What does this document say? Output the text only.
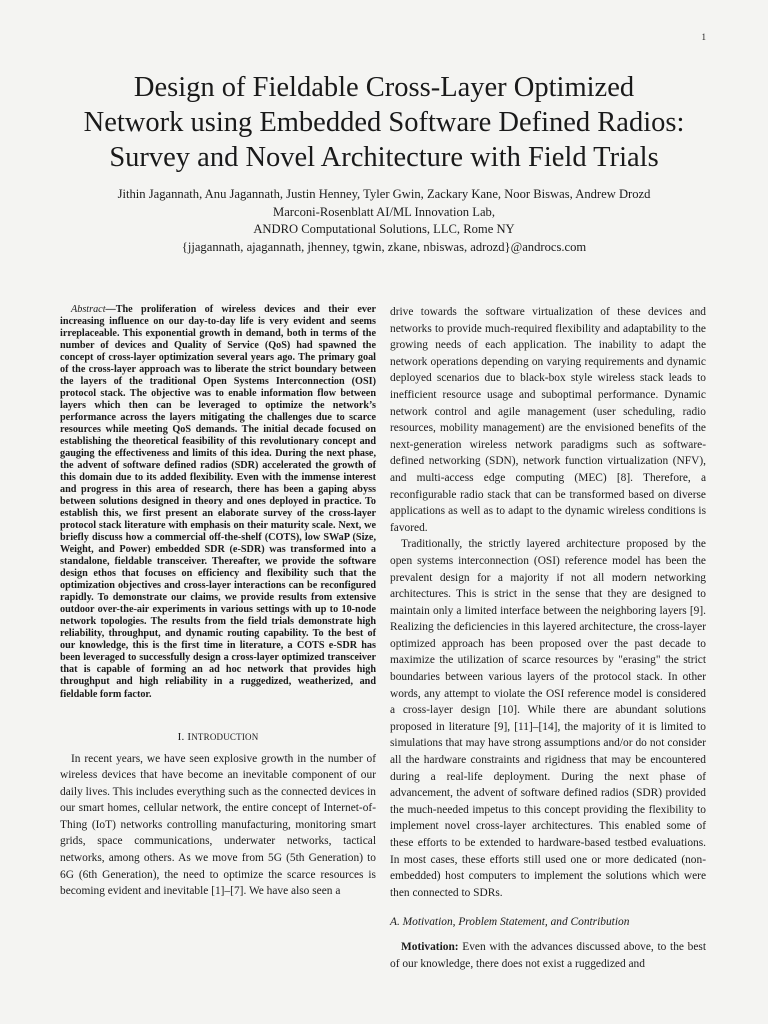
1
Design of Fieldable Cross-Layer Optimized
Network using Embedded Software Defined Radios:
Survey and Novel Architecture with Field Trials
Jithin Jagannath, Anu Jagannath, Justin Henney, Tyler Gwin, Zackary Kane, Noor Biswas, Andrew Drozd
Marconi-Rosenblatt AI/ML Innovation Lab,
ANDRO Computational Solutions, LLC, Rome NY
{jjagannath, ajagannath, jhenney, tgwin, zkane, nbiswas, adrozd}@androcs.com

Abstract—The proliferation of wireless devices and their ever increasing influence on our day-to-day life is very evident and seems irreplaceable. This exponential growth in demand, both in terms of the number of devices and Quality of Service (QoS) had spawned the concept of cross-layer optimization several years ago. The primary goal of the cross-layer approach was to liberate the strict boundary between the layers of the traditional Open Systems Interconnection (OSI) protocol stack. The objective was to enable information flow between layers which then can be leveraged to optimize the network’s performance across the layers mitigating the challenges due to scarce resources while meeting QoS demands. The initial decade focused on establishing the theoretical feasibility of this revolutionary concept and gauging the effectiveness and limits of this idea. During the next phase, the advent of software defined radios (SDR) accelerated the growth of this domain due to its added flexibility. Even with the immense interest and progress in this area of research, there has been a gaping abyss between solutions designed in theory and ones deployed in practice. To establish this, we first present an elaborate survey of the cross-layer protocol stack literature with emphasis on their maturity scale. Next, we briefly discuss how a commercial off-the-shelf (COTS), low SWaP (Size, Weight, and Power) embedded SDR (e-SDR) was transformed into a standalone, fieldable transceiver. Thereafter, we provide the software design ethos that focuses on efficiency and flexibility such that the optimization objectives and cross-layer interactions can be reconfigured rapidly. To demonstrate our claims, we provide results from extensive outdoor over-the-air experiments in various settings with up to 10-node network topologies. The results from the field trials demonstrate high reliability, throughput, and dynamic routing capability. To the best of our knowledge, this is the first time in literature, a COTS e-SDR has been leveraged to successfully design a cross-layer optimized transceiver that is capable of forming an ad hoc network that provides high throughput and high reliability in a ruggedized, weatherized, and fieldable form factor.

I. INTRODUCTION

In recent years, we have seen explosive growth in the number of wireless devices that have become an inevitable component of our daily lives. This includes everything such as the connected devices in our smart homes, cellular network, the entire concept of Internet-of-Thing (IoT) networks controlling manufacturing, monitoring smart grids, space communications, underwater networks, tactical networks, among others. As we move from 5G (5th Generation) to 6G (6th Generation), the need to optimize the scarce resources is becoming evident and inevitable [1]–[7]. We have also seen a

drive towards the software virtualization of these devices and networks to provide much-required flexibility and adaptability to the growing needs of each application. The inability to adapt the network operations depending on varying requirements and dynamic deployed scenarios due to black-box style wireless stack leads to inefficient resource usage and suboptimal performance. Dynamic network control and agile management (user scheduling, radio resources, mobility management) are the envisioned benefits of the next-generation wireless network paradigms such as software-defined networking (SDN), network function virtualization (NFV), and multi-access edge computing (MEC) [8]. Therefore, a reconfigurable radio stack that can be transformed based on diverse applications as well as to adapt to the dynamic wireless conditions is favored.

Traditionally, the strictly layered architecture proposed by the open systems interconnection (OSI) reference model has been the prevalent design for a majority if not all modern networking architectures. This is strict in the sense that they are designed to maintain only a limited interface between the neighboring layers [9]. Realizing the deficiencies in this layered architecture, the cross-layer optimized approach has been proposed over the past decade to maximize the utilization of scarce resources by "erasing" the strict boundaries between various layers of the protocol stack. In other words, any attempt to violate the OSI reference model is considered a cross-layer design [10]. While there are abundant solutions proposed in literature [9], [11]–[14], the majority of it is limited to simulations that may have strong assumptions and/or do not consider all the hardware constraints and rigidness that may be encountered during a real-life deployment. During the next phase of advancement, the advent of software defined radios (SDR) provided the much-needed impetus to this concept providing the flexibility to implement novel cross-layer architectures. This enabled some of these efforts to be extended to hardware-based testbed evaluations. In most cases, these efforts still used one or more dedicated (non-embedded) host computers to implement the solutions which were then connected to SDRs.

A. Motivation, Problem Statement, and Contribution

Motivation: Even with the advances discussed above, to the best of our knowledge, there does not exist a ruggedized and
